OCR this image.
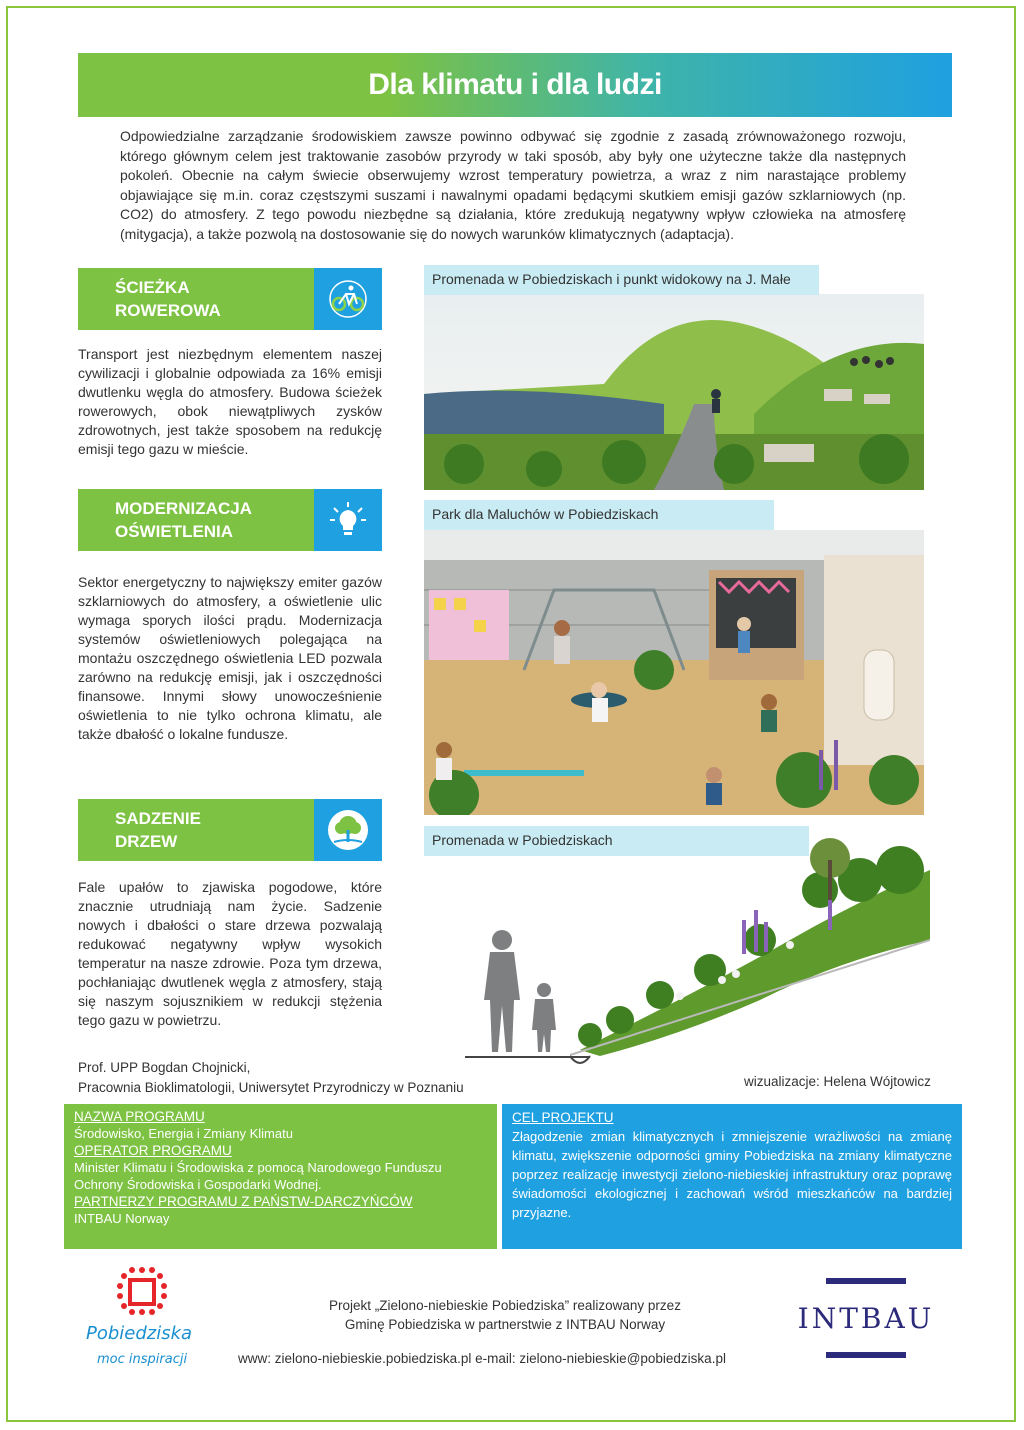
Dla klimatu i dla ludzi
Odpowiedzialne zarządzanie środowiskiem zawsze powinno odbywać się zgodnie z zasadą zrównoważonego rozwoju, którego głównym celem jest traktowanie zasobów przyrody w taki sposób, aby były one użyteczne także dla następnych pokoleń. Obecnie na całym świecie obserwujemy wzrost temperatury powietrza, a wraz z nim narastające problemy objawiające się m.in. coraz częstszymi suszami i nawalnymi opadami będącymi skutkiem emisji gazów szklarniowych (np. CO2) do atmosfery. Z tego powodu niezbędne są działania, które zredukują negatywny wpływ człowieka na atmosferę (mitygacja), a także pozwolą na dostosowanie się do nowych warunków klimatycznych (adaptacja).
ŚCIEŻKA
ROWEROWA
Transport jest niezbędnym elementem naszej cywilizacji i globalnie odpowiada za 16% emisji dwutlenku węgla do atmosfery. Budowa ścieżek rowerowych, obok niewątpliwych zysków zdrowotnych, jest także sposobem na redukcję emisji tego gazu w mieście.
MODERNIZACJA
OŚWIETLENIA
Sektor energetyczny to największy emiter gazów szklarniowych do atmosfery, a oświetlenie ulic wymaga sporych ilości prądu. Modernizacja systemów oświetleniowych polegająca na montażu oszczędnego oświetlenia LED pozwala zarówno na redukcję emisji, jak i oszczędności finansowe. Innymi słowy unowocześnienie oświetlenia to nie tylko ochrona klimatu, ale także dbałość o lokalne fundusze.
SADZENIE
DRZEW
Fale upałów to zjawiska pogodowe, które znacznie utrudniają nam życie. Sadzenie nowych i dbałości o stare drzewa pozwalają redukować negatywny wpływ wysokich temperatur na nasze zdrowie. Poza tym drzewa, pochłaniając dwutlenek węgla z atmosfery, stają się naszym sojusznikiem w redukcji stężenia tego gazu w powietrzu.
Promenada w Pobiedziskach i punkt widokowy na J. Małe
Park dla Maluchów w Pobiedziskach
Promenada w Pobiedziskach
Prof. UPP Bogdan Chojnicki,
Pracownia Bioklimatologii, Uniwersytet Przyrodniczy w Poznaniu	wizualizacje: Helena Wójtowicz
NAZWA PROGRAMU
Środowisko, Energia i Zmiany Klimatu
OPERATOR PROGRAMU
Minister Klimatu i Środowiska z pomocą Narodowego Funduszu Ochrony Środowiska i Gospodarki Wodnej.
PARTNERZY PROGRAMU Z PAŃSTW-DARCZYŃCÓW
INTBAU Norway
CEL PROJEKTU
Złagodzenie zmian klimatycznych i zmniejszenie wrażliwości na zmianę klimatu, zwiększenie odporności gminy Pobiedziska na zmiany klimatyczne poprzez realizację inwestycji zielono-niebieskiej infrastruktury oraz poprawę świadomości ekologicznej i zachowań wśród mieszkańców na bardziej przyjazne.
Pobiedziska
moc inspiracji
Projekt „Zielono-niebieskie Pobiedziska” realizowany przez
Gminę Pobiedziska w partnerstwie z INTBAU Norway
www: zielono-niebieskie.pobiedziska.pl e-mail: zielono-niebieskie@pobiedziska.pl
INTBAU
